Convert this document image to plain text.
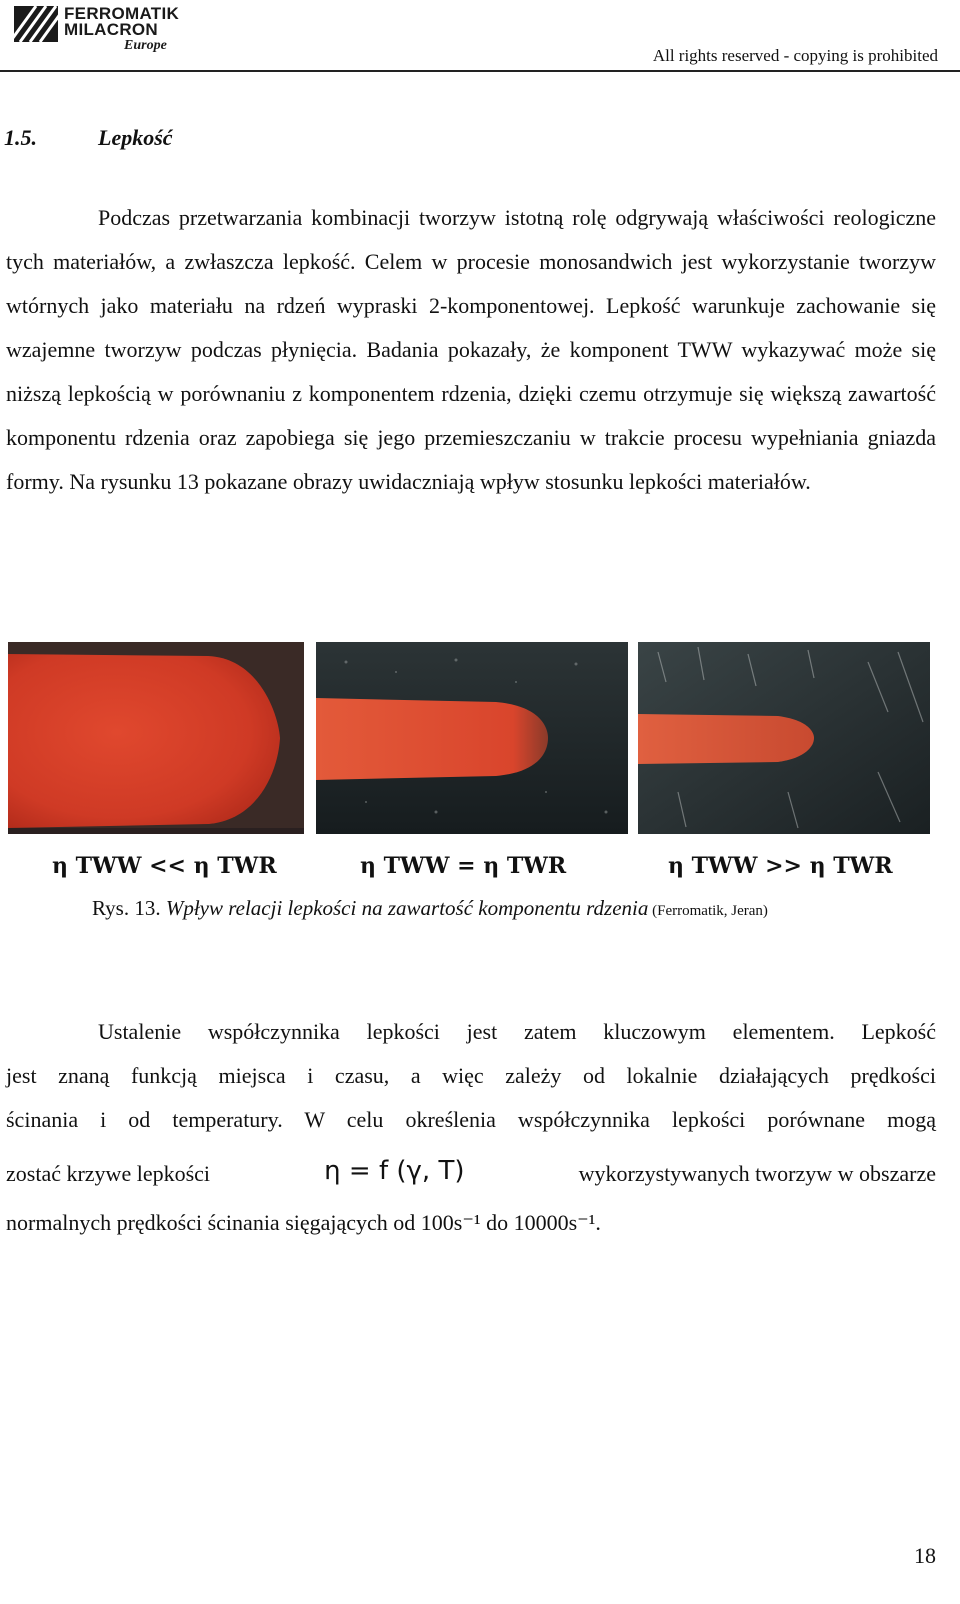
FERROMATIK
MILACRON
Europe
All rights reserved - copying is prohibited
1.5.	Lepkość

Podczas przetwarzania kombinacji tworzyw istotną rolę odgrywają właściwości reologiczne tych materiałów, a zwłaszcza lepkość. Celem w procesie monosandwich jest wykorzystanie tworzyw wtórnych jako materiału na rdzeń wypraski 2-komponentowej. Lepkość warunkuje zachowanie się wzajemne tworzyw podczas płynięcia. Badania pokazały, że komponent TWW wykazywać może się niższą lepkością w porównaniu z komponentem rdzenia, dzięki czemu otrzymuje się większą zawartość komponentu rdzenia oraz zapobiega się jego przemieszczaniu w trakcie procesu wypełniania gniazda formy. Na rysunku 13 pokazane obrazy uwidaczniają wpływ stosunku lepkości materiałów.

η TWW << η TWR	η TWW = η TWR	η TWW >> η TWR
Rys. 13. Wpływ relacji lepkości na zawartość komponentu rdzenia (Ferromatik, Jeran)
Ustalenie współczynnika lepkości jest zatem kluczowym elementem. Lepkość
jest znaną funkcją miejsca i czasu, a więc zależy od lokalnie działających prędkości
ścinania i od temperatury. W celu określenia współczynnika lepkości porównane mogą
zostać krzywe lepkości	η = f (γ, T)	wykorzystywanych tworzyw w obszarze
normalnych prędkości ścinania sięgających od 100s⁻¹ do 10000s⁻¹.
18
